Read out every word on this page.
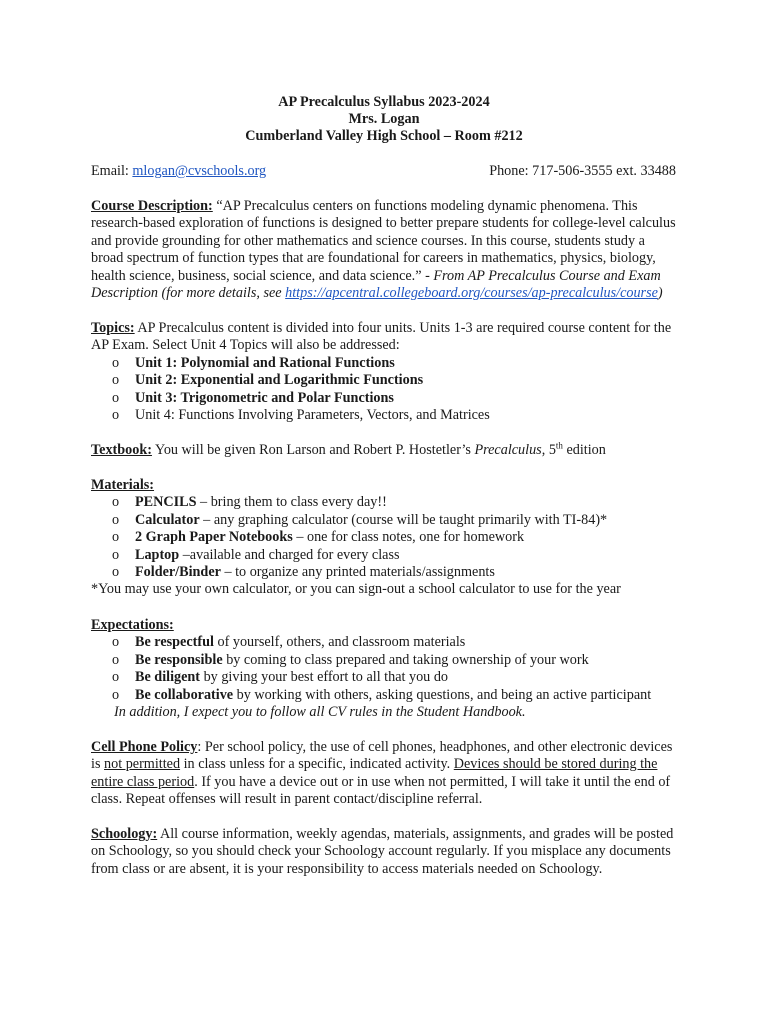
AP Precalculus Syllabus 2023-2024
Mrs. Logan
Cumberland Valley High School – Room #212
Email: mlogan@cvschools.org	Phone: 717-506-3555 ext. 33488
Course Description: “AP Precalculus centers on functions modeling dynamic phenomena. This research-based exploration of functions is designed to better prepare students for college-level calculus and provide grounding for other mathematics and science courses. In this course, students study a broad spectrum of function types that are foundational for careers in mathematics, physics, biology, health science, business, social science, and data science.” - From AP Precalculus Course and Exam Description (for more details, see https://apcentral.collegeboard.org/courses/ap-precalculus/course)
Topics: AP Precalculus content is divided into four units. Units 1-3 are required course content for the AP Exam. Select Unit 4 Topics will also be addressed:
o Unit 1: Polynomial and Rational Functions
o Unit 2: Exponential and Logarithmic Functions
o Unit 3: Trigonometric and Polar Functions
o Unit 4: Functions Involving Parameters, Vectors, and Matrices
Textbook: You will be given Ron Larson and Robert P. Hostetler’s Precalculus, 5th edition
Materials:
o PENCILS – bring them to class every day!!
o Calculator – any graphing calculator (course will be taught primarily with TI-84)*
o 2 Graph Paper Notebooks – one for class notes, one for homework
o Laptop –available and charged for every class
o Folder/Binder – to organize any printed materials/assignments
*You may use your own calculator, or you can sign-out a school calculator to use for the year
Expectations:
o Be respectful of yourself, others, and classroom materials
o Be responsible by coming to class prepared and taking ownership of your work
o Be diligent by giving your best effort to all that you do
o Be collaborative by working with others, asking questions, and being an active participant
In addition, I expect you to follow all CV rules in the Student Handbook.
Cell Phone Policy: Per school policy, the use of cell phones, headphones, and other electronic devices is not permitted in class unless for a specific, indicated activity. Devices should be stored during the entire class period. If you have a device out or in use when not permitted, I will take it until the end of class. Repeat offenses will result in parent contact/discipline referral.
Schoology: All course information, weekly agendas, materials, assignments, and grades will be posted on Schoology, so you should check your Schoology account regularly. If you misplace any documents from class or are absent, it is your responsibility to access materials needed on Schoology.
